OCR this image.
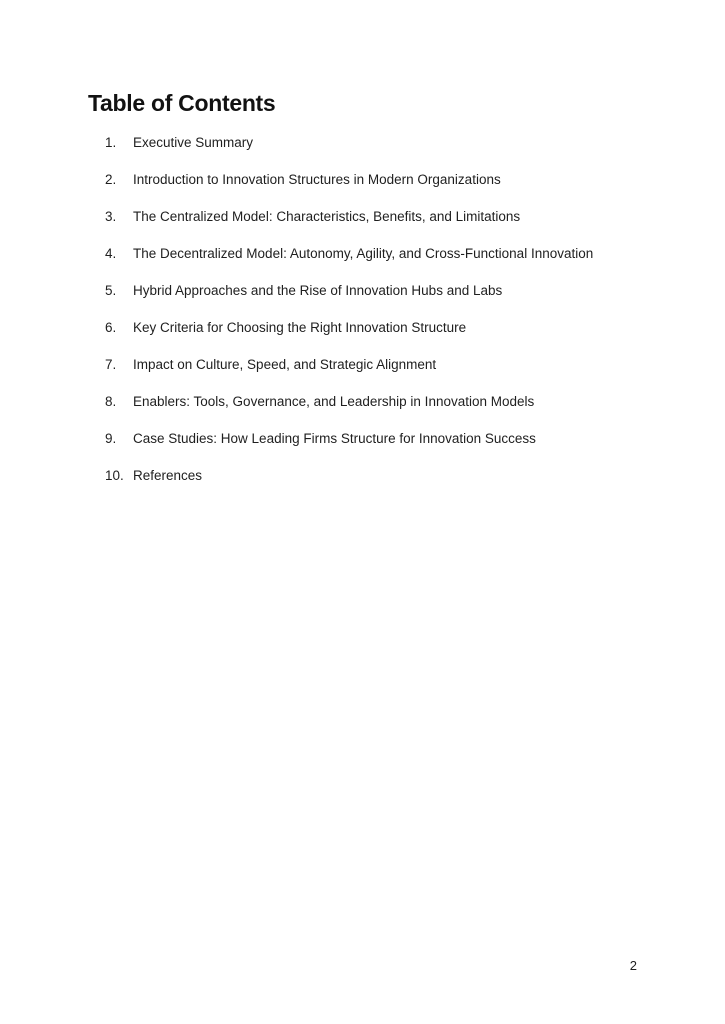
Table of Contents
1.	Executive Summary
2.	Introduction to Innovation Structures in Modern Organizations
3.	The Centralized Model: Characteristics, Benefits, and Limitations
4.	The Decentralized Model: Autonomy, Agility, and Cross-Functional Innovation
5.	Hybrid Approaches and the Rise of Innovation Hubs and Labs
6.	Key Criteria for Choosing the Right Innovation Structure
7.	Impact on Culture, Speed, and Strategic Alignment
8.	Enablers: Tools, Governance, and Leadership in Innovation Models
9.	Case Studies: How Leading Firms Structure for Innovation Success
10. References
2
